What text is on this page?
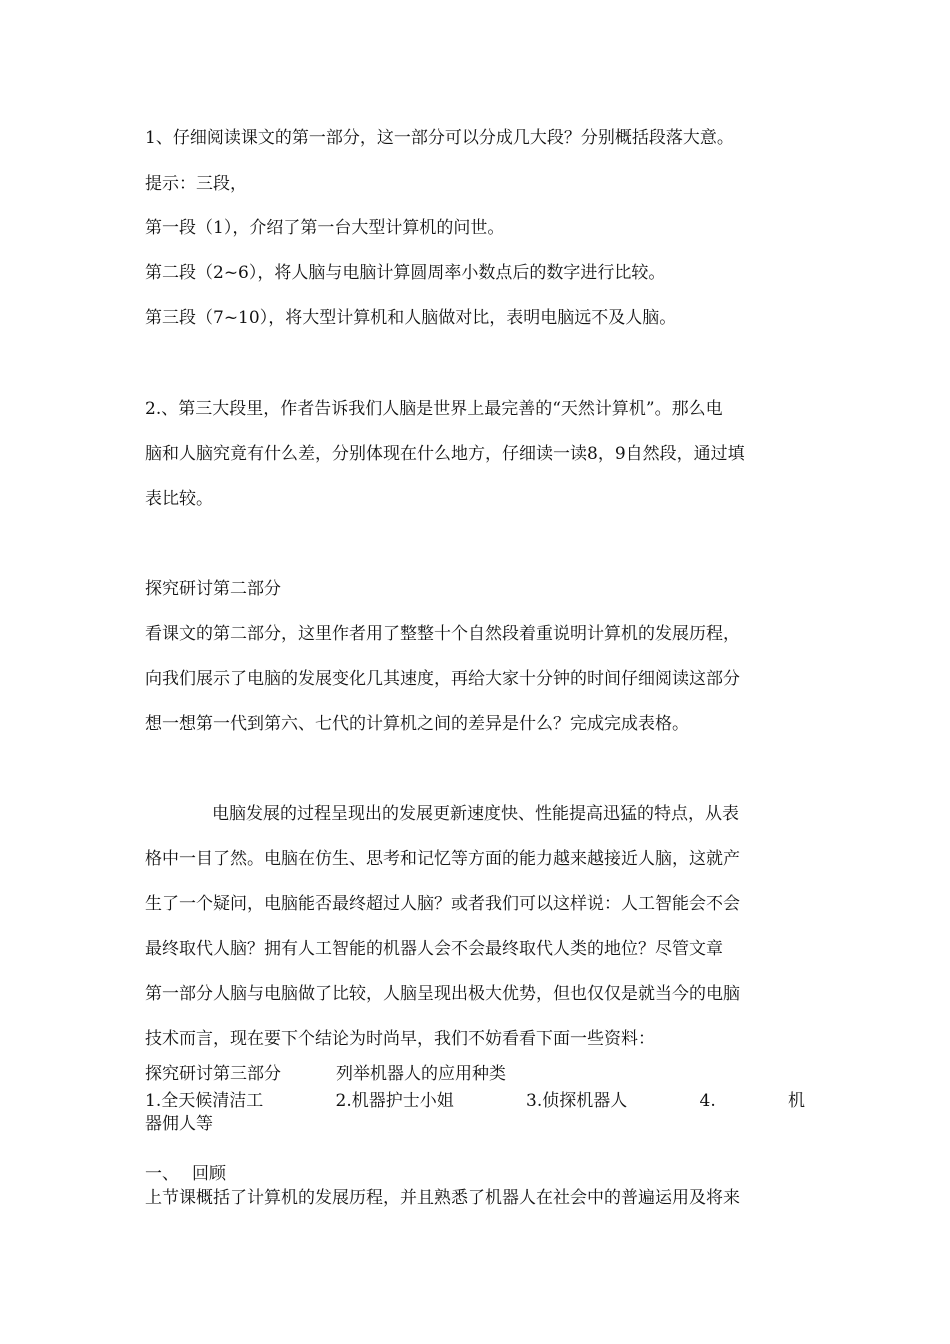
1、仔细阅读课文的第一部分，这一部分可以分成几大段？分别概括段落大意。

提示：三段，

第一段（1），介绍了第一台大型计算机的问世。

第二段（2~6），将人脑与电脑计算圆周率小数点后的数字进行比较。

第三段（7~10），将大型计算机和人脑做对比，表明电脑远不及人脑。

2.、第三大段里，作者告诉我们人脑是世界上最完善的“天然计算机”。那么电

脑和人脑究竟有什么差，分别体现在什么地方，仔细读一读8，9自然段，通过填

表比较。

探究研讨第二部分

看课文的第二部分，这里作者用了整整十个自然段着重说明计算机的发展历程，

向我们展示了电脑的发展变化几其速度，再给大家十分钟的时间仔细阅读这部分

想一想第一代到第六、七代的计算机之间的差异是什么？完成完成表格。

电脑发展的过程呈现出的发展更新速度快、性能提高迅猛的特点，从表

格中一目了然。电脑在仿生、思考和记忆等方面的能力越来越接近人脑，这就产

生了一个疑问，电脑能否最终超过人脑？或者我们可以这样说：人工智能会不会

最终取代人脑？拥有人工智能的机器人会不会最终取代人类的地位？尽管文章

第一部分人脑与电脑做了比较，人脑呈现出极大优势，但也仅仅是就当今的电脑

技术而言，现在要下个结论为时尚早，我们不妨看看下面一些资料：

探究研讨第三部分	列举机器人的应用种类

1.全天候清洁工	2.机器护士小姐	3.侦探机器人	4.	机

器佣人等

一、 回顾

上节课概括了计算机的发展历程，并且熟悉了机器人在社会中的普遍运用及将来
